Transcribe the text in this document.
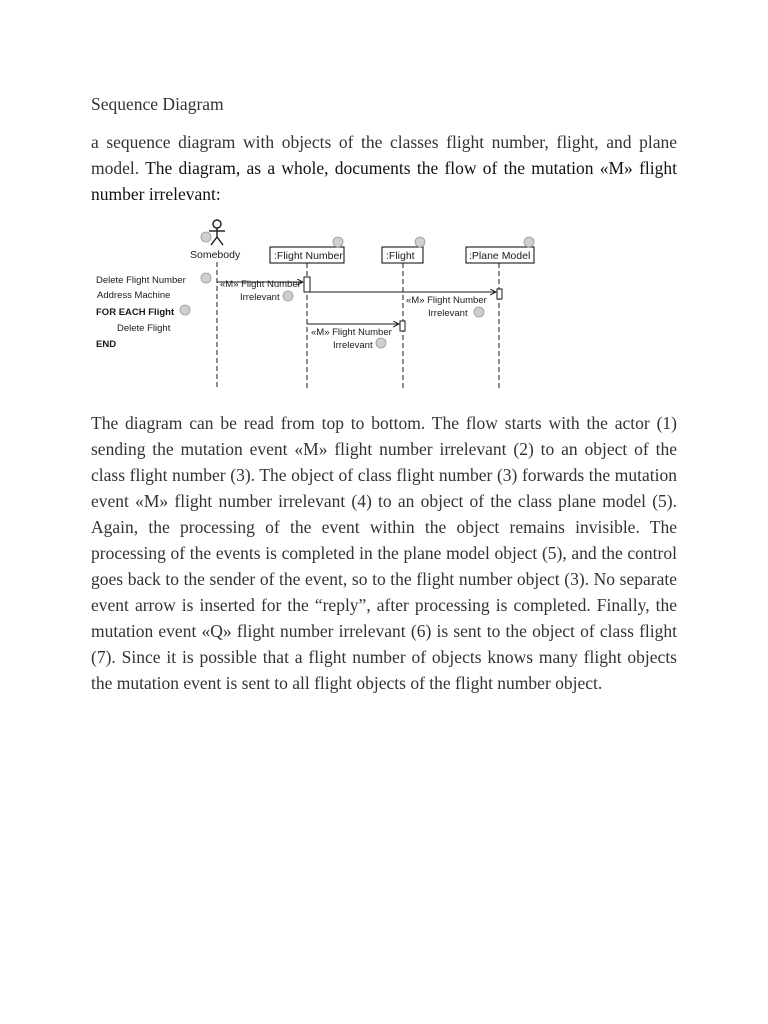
Sequence Diagram

a sequence diagram with objects of the classes flight number, flight, and plane model. The diagram, as a whole, documents the flow of the mutation «M» flight number irrelevant:

Somebody	:Flight Number	:Flight	:Plane Model
«M» Flight Number
Irrelevant	«M» Flight Number
Irrelevant
«M» Flight Number
Irrelevant
Delete Flight Number
Address Machine
FOR EACH Flight
Delete Flight
END

The diagram can be read from top to bottom. The flow starts with the actor (1) sending the mutation event «M» flight number irrelevant (2) to an object of the class flight number (3). The object of class flight number (3) forwards the mutation event «M» flight number irrelevant (4) to an object of the class plane model (5). Again, the processing of the event within the object remains invisible. The processing of the events is completed in the plane model object (5), and the control goes back to the sender of the event, so to the flight number object (3). No separate event arrow is inserted for the “reply”, after processing is completed. Finally, the mutation event «Q» flight number irrelevant (6) is sent to the object of class flight (7). Since it is possible that a flight number of objects knows many flight objects the mutation event is sent to all flight objects of the flight number object.
